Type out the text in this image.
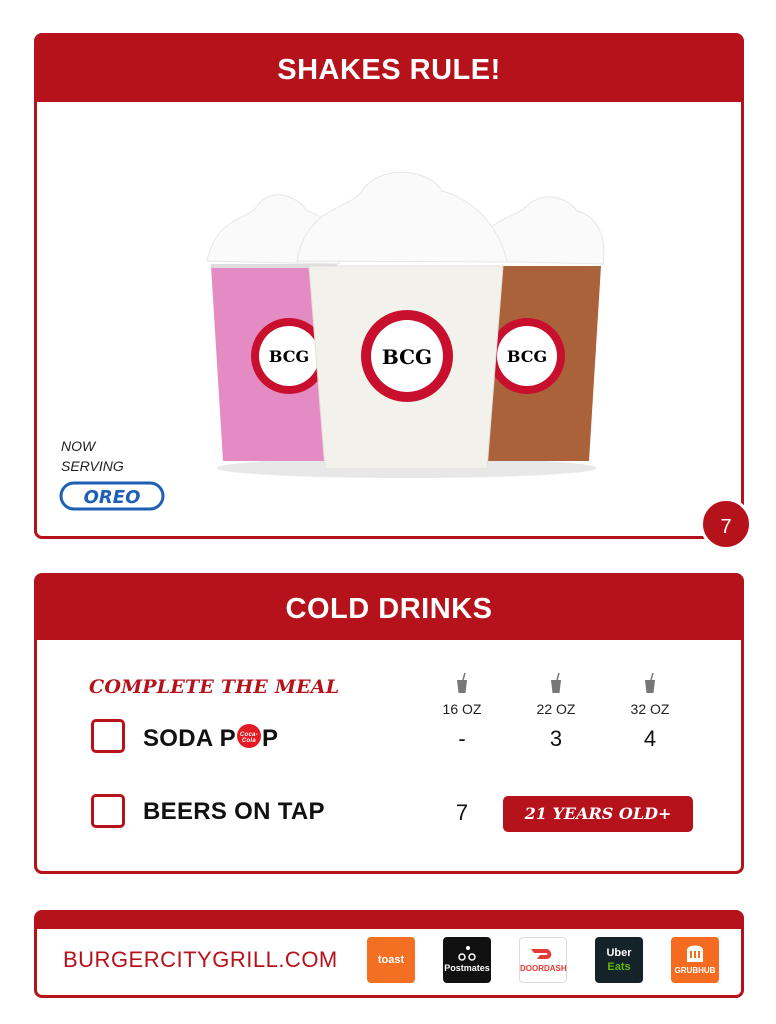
SHAKES RULE!
BCG	BCG
BCG
NOW
SERVING
OREO
7
COLD DRINKS
COMPLETE THE MEAL
16 OZ	22 OZ	32 OZ
SODA P Coca-Cola P	-	3	4
BEERS ON TAP	7	21 YEARS OLD+
BURGERCITYGRILL.COM	toast
Postmates	DOORDASH
Uber
Eats	GRUBHUB
